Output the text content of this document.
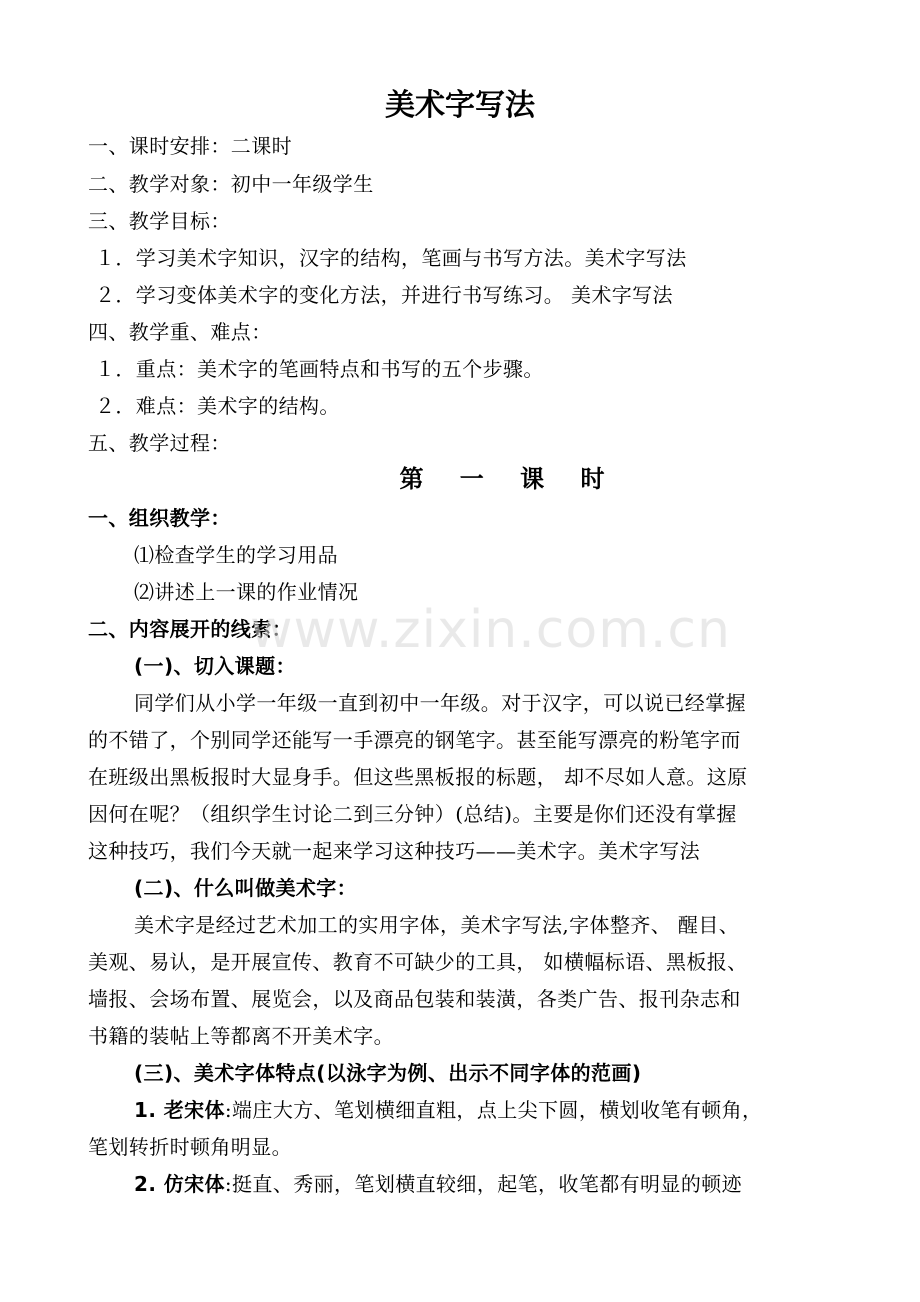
美术字写法
一、课时安排：二课时
二、教学对象：初中一年级学生
三、教学目标：
１．学习美术字知识，汉字的结构，笔画与书写方法。美术字写法
２．学习变体美术字的变化方法，并进行书写练习。 美术字写法
四、教学重、难点：
１．重点：美术字的笔画特点和书写的五个步骤。
２．难点：美术字的结构。
五、教学过程：
第 一 课 时
一、组织教学：
⑴检查学生的学习用品
⑵讲述上一课的作业情况
二、内容展开的线索：
(一)、切入课题：
同学们从小学一年级一直到初中一年级。对于汉字，可以说已经掌握
的不错了，个别同学还能写一手漂亮的钢笔字。甚至能写漂亮的粉笔字而
在班级出黑板报时大显身手。但这些黑板报的标题， 却不尽如人意。这原
因何在呢？（组织学生讨论二到三分钟）(总结)。主要是你们还没有掌握
这种技巧，我们今天就一起来学习这种技巧——美术字。美术字写法
(二)、什么叫做美术字：
美术字是经过艺术加工的实用字体，美术字写法,字体整齐、 醒目、
美观、易认，是开展宣传、教育不可缺少的工具， 如横幅标语、黑板报、
墙报、会场布置、展览会，以及商品包装和装潢，各类广告、报刊杂志和
书籍的装帖上等都离不开美术字。
(三)、美术字体特点(以泳字为例、出示不同字体的范画)
1. 老宋体:端庄大方、笔划横细直粗，点上尖下圆，横划收笔有顿角，
笔划转折时顿角明显。
2. 仿宋体:挺直、秀丽，笔划横直较细，起笔，收笔都有明显的顿迹
www.zixin.com.cn
